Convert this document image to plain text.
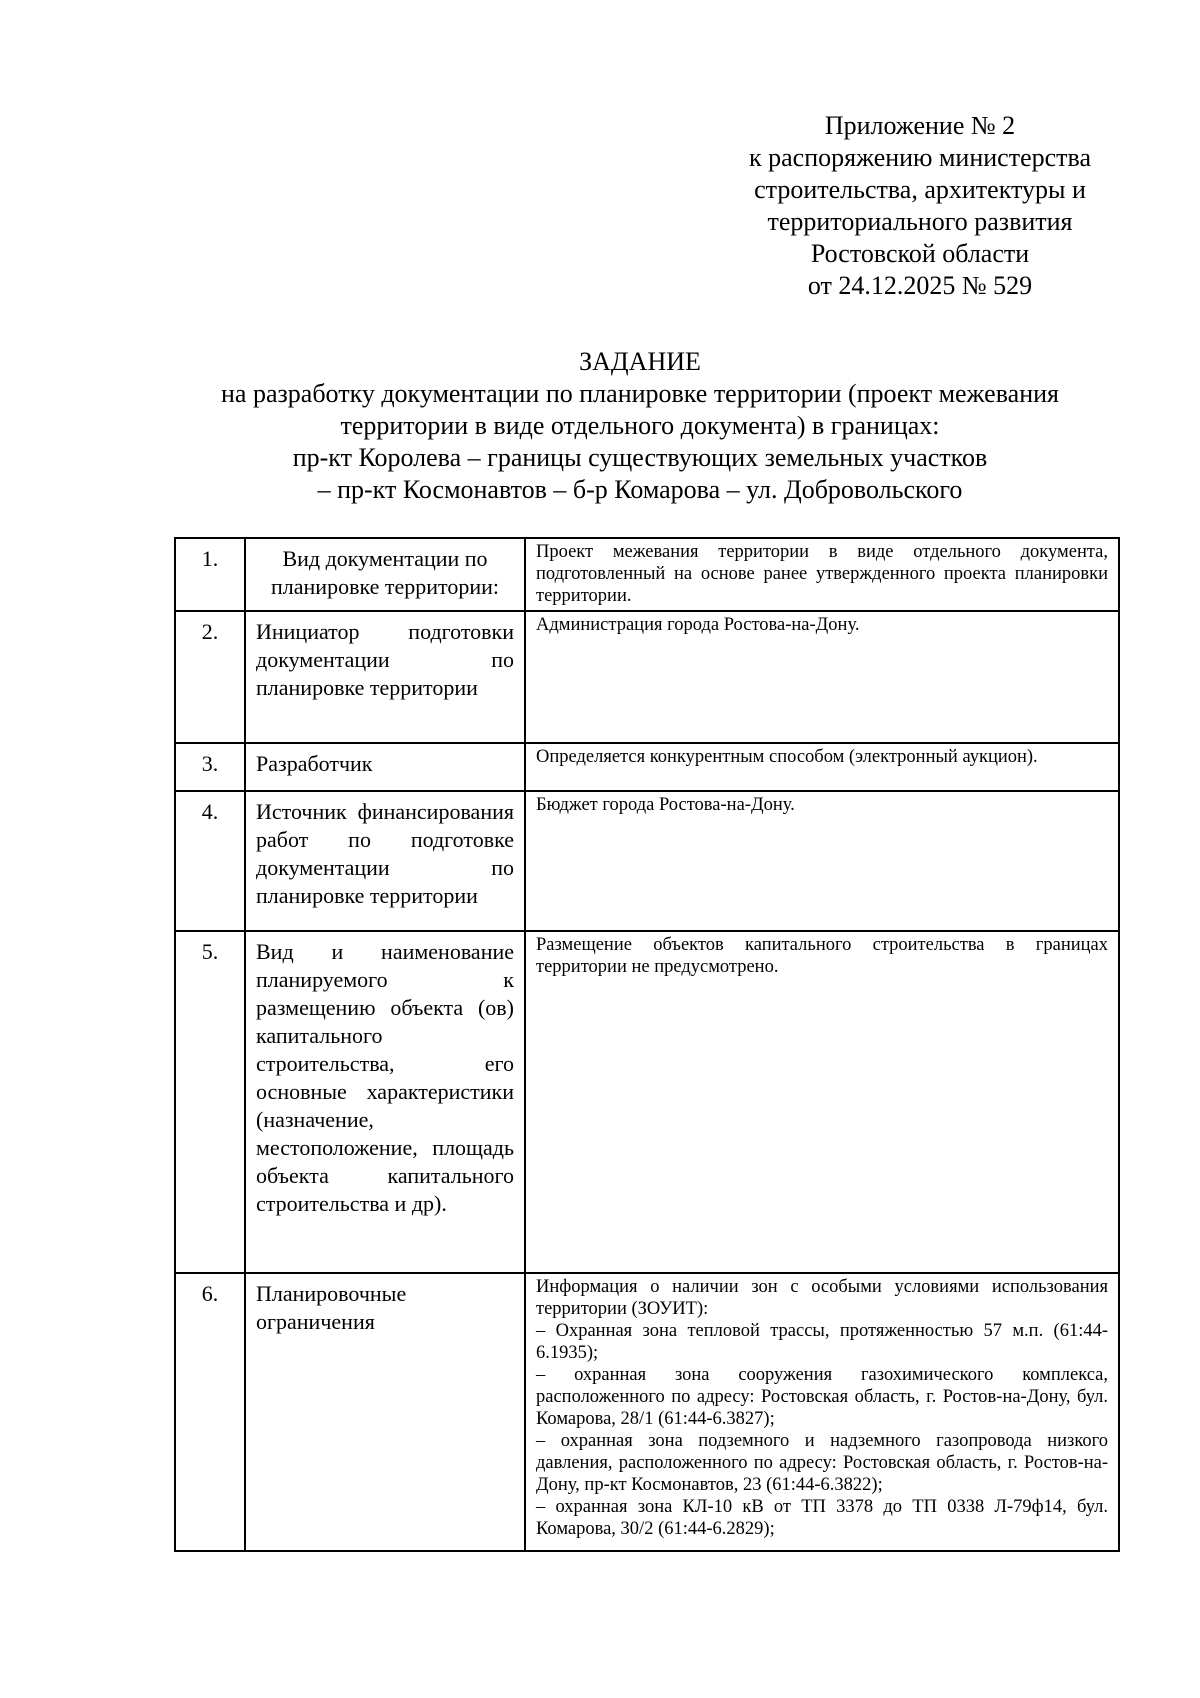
Приложение № 2
к распоряжению министерства
строительства, архитектуры и
территориального развития
Ростовской области
от 24.12.2025 № 529
ЗАДАНИЕ
на разработку документации по планировке территории (проект межевания
территории в виде отдельного документа) в границах:
пр-кт Королева – границы существующих земельных участков
– пр-кт Космонавтов – б-р Комарова – ул. Добровольского
1.	Вид документации по планировке территории:	Проект межевания территории в виде отдельного документа, подготовленный на основе ранее утвержденного проекта планировки территории.

2.	Инициатор подготовки документации по планировке территории	Администрация города Ростова-на-Дону.

3.	Разработчик	Определяется конкурентным способом (электронный аукцион).

4.	Источник финансирования работ по подготовке документации по планировке территории	Бюджет города Ростова-на-Дону.

5.	Вид и наименование планируемого к размещению объекта (ов) капитального строительства, его основные характеристики (назначение, местоположение, площадь объекта капитального строительства и др).	Размещение объектов капитального строительства в границах территории не предусмотрено.

6.	Планировочные ограничения	Информация о наличии зон с особыми условиями использования территории (ЗОУИТ):

– Охранная зона тепловой трассы, протяженностью 57 м.п. (61:44-6.1935);

– охранная зона сооружения газохимического комплекса, расположенного по адресу: Ростовская область, г. Ростов-на-Дону, бул. Комарова, 28/1 (61:44-6.3827);

– охранная зона подземного и надземного газопровода низкого давления, расположенного по адресу: Ростовская область, г. Ростов-на-Дону, пр-кт Космонавтов, 23 (61:44-6.3822);

– охранная зона КЛ-10 кВ от ТП 3378 до ТП 0338 Л-79ф14, бул. Комарова, 30/2 (61:44-6.2829);
